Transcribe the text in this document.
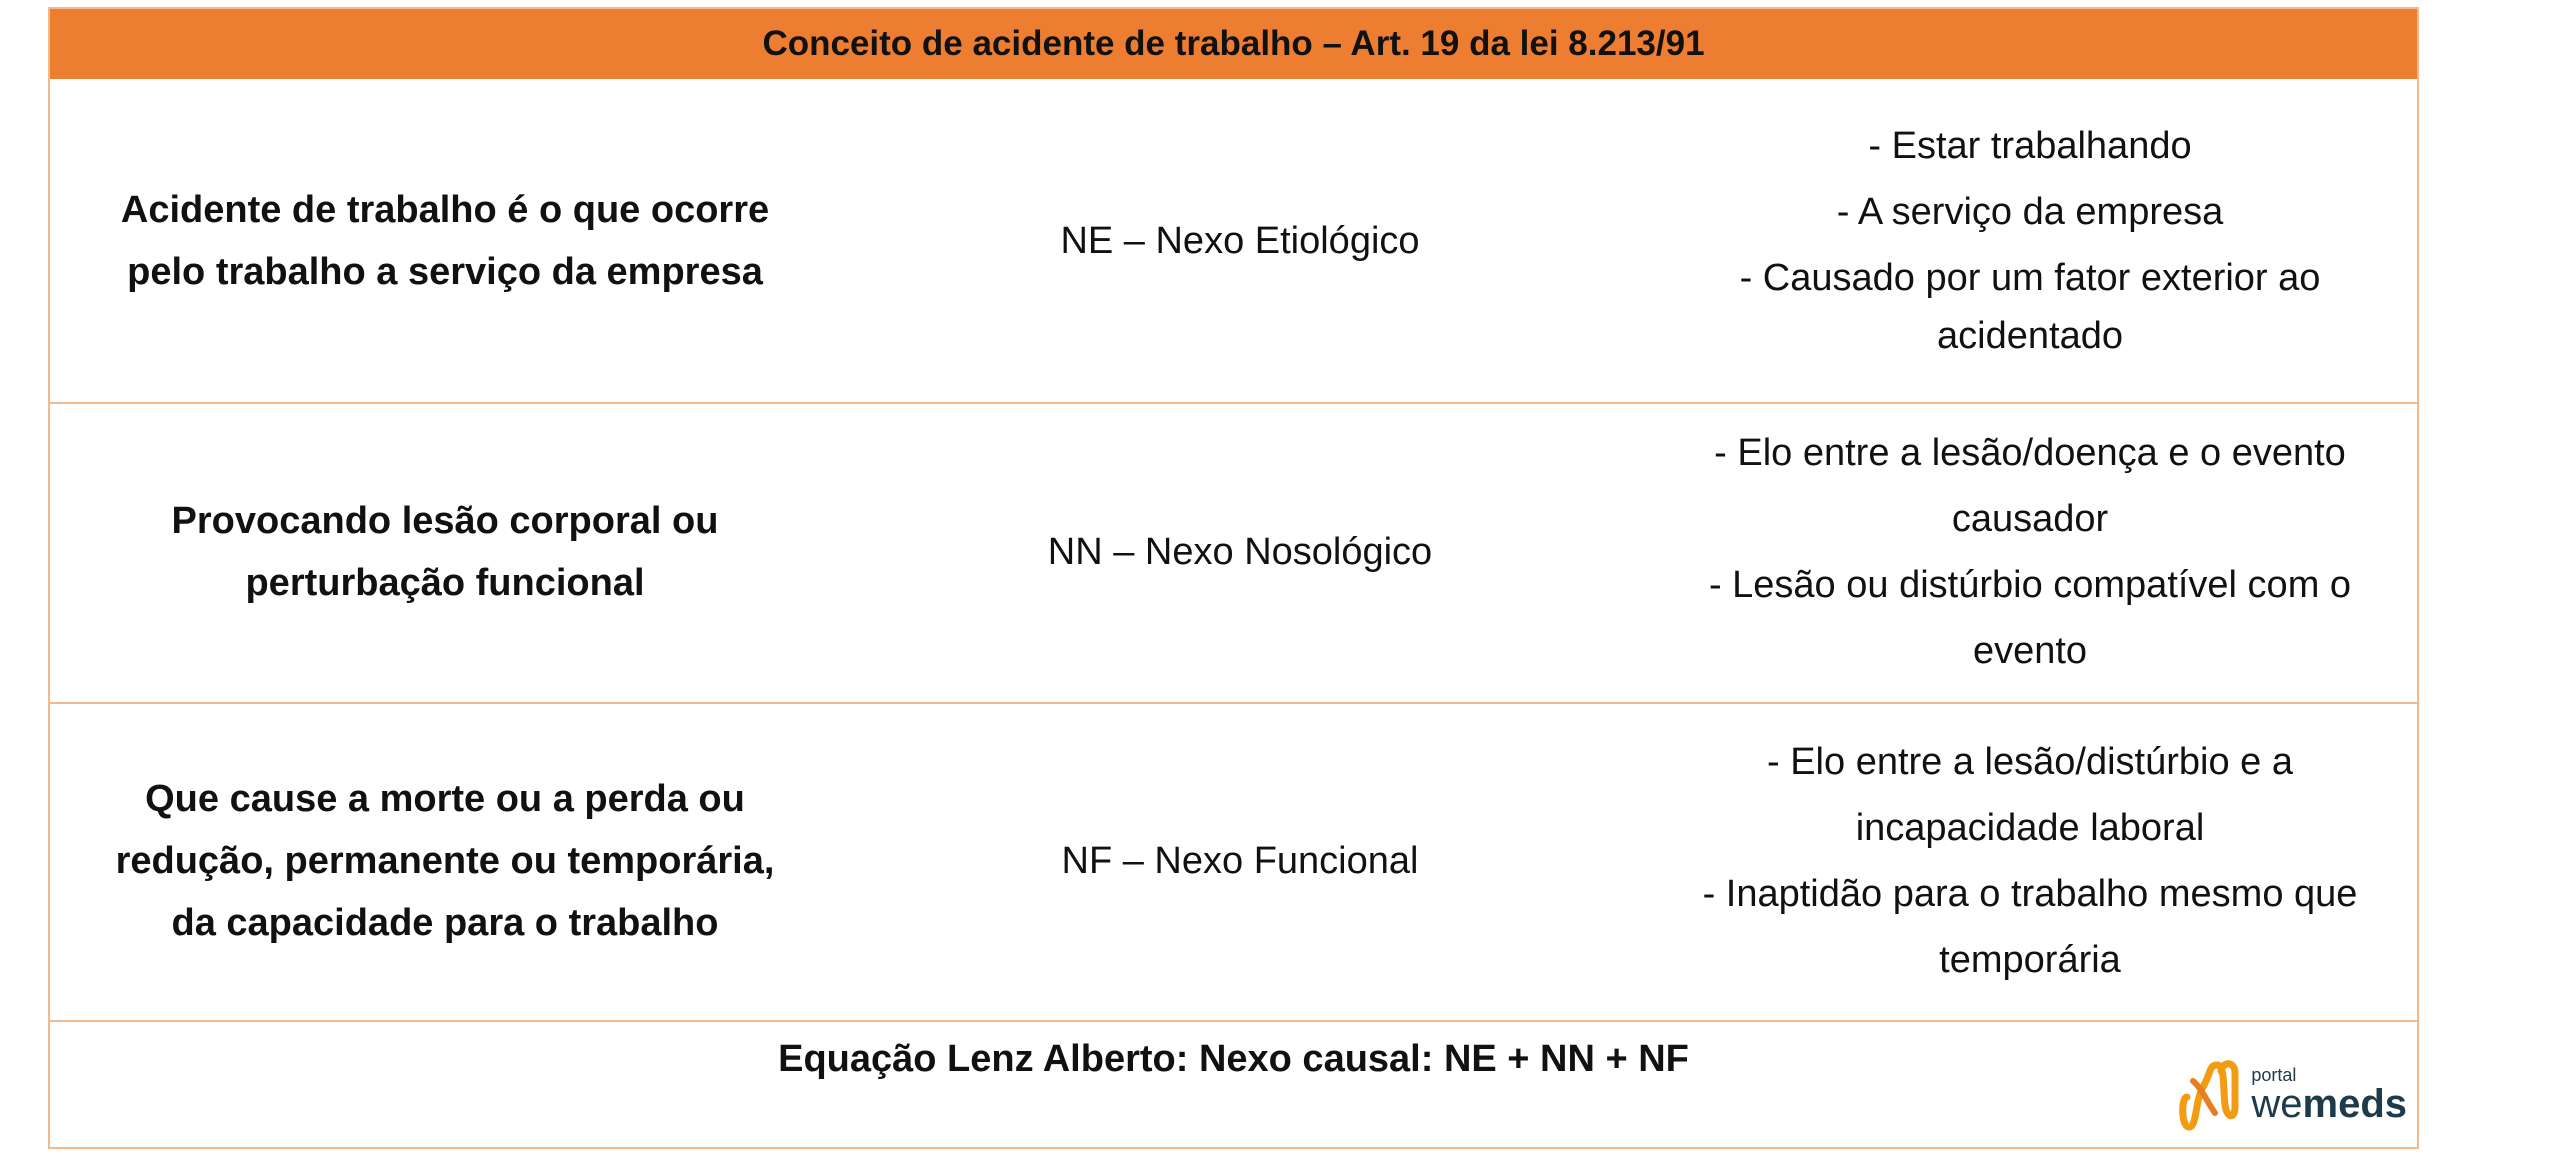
Conceito de acidente de trabalho – Art. 19 da lei 8.213/91
Acidente de trabalho é o que ocorre
pelo trabalho a serviço da empresa
NE – Nexo Etiológico
- Estar trabalhando
- A serviço da empresa
- Causado por um fator exterior ao
acidentado
Provocando lesão corporal ou
perturbação funcional
NN – Nexo Nosológico
- Elo entre a lesão/doença e o evento
causador
- Lesão ou distúrbio compatível com o
evento
Que cause a morte ou a perda ou
redução, permanente ou temporária,
da capacidade para o trabalho
NF – Nexo Funcional
- Elo entre a lesão/distúrbio e a
incapacidade laboral
- Inaptidão para o trabalho mesmo que
temporária
Equação Lenz Alberto: Nexo causal: NE + NN + NF	portal
wemeds
